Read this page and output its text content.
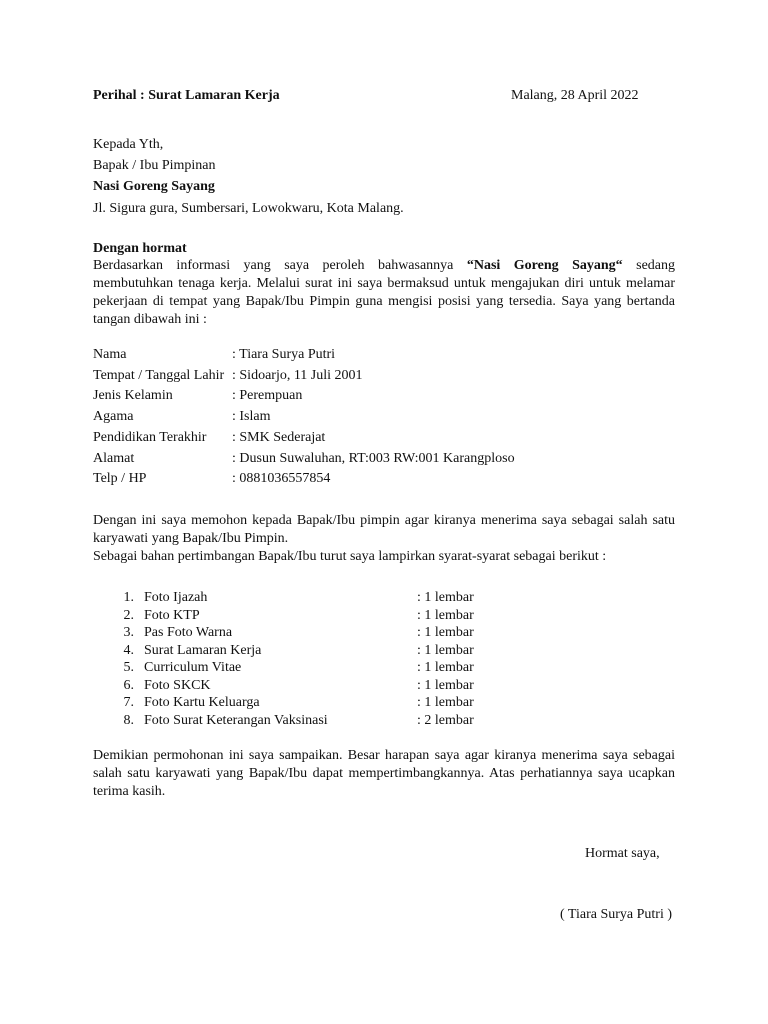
Perihal : Surat Lamaran Kerja	Malang, 28 April 2022
Kepada Yth,
Bapak / Ibu Pimpinan
Nasi Goreng Sayang
Jl. Sigura gura, Sumbersari, Lowokwaru, Kota Malang.
Dengan hormat
Berdasarkan informasi yang saya peroleh bahwasannya “Nasi Goreng Sayang“ sedang
membutuhkan tenaga kerja. Melalui surat ini saya bermaksud untuk mengajukan diri untuk melamar
pekerjaan di tempat yang Bapak/Ibu Pimpin guna mengisi posisi yang tersedia. Saya yang bertanda
tangan dibawah ini :
Nama	: Tiara Surya Putri
Tempat / Tanggal Lahir : Sidoarjo, 11 Juli 2001
Jenis Kelamin	: Perempuan
Agama	: Islam
Pendidikan Terakhir : SMK Sederajat
Alamat	: Dusun Suwaluhan, RT:003 RW:001 Karangploso
Telp / HP	: 0881036557854
Dengan ini saya memohon kepada Bapak/Ibu pimpin agar kiranya menerima saya sebagai salah satu
karyawati yang Bapak/Ibu Pimpin.
Sebagai bahan pertimbangan Bapak/Ibu turut saya lampirkan syarat-syarat sebagai berikut :
1. Foto Ijazah	: 1 lembar
2. Foto KTP	: 1 lembar
3. Pas Foto Warna	: 1 lembar
4. Surat Lamaran Kerja	: 1 lembar
5. Curriculum Vitae	: 1 lembar
6. Foto SKCK	: 1 lembar
7. Foto Kartu Keluarga	: 1 lembar
8. Foto Surat Keterangan Vaksinasi	: 2 lembar
Demikian permohonan ini saya sampaikan. Besar harapan saya agar kiranya menerima saya sebagai
salah satu karyawati yang Bapak/Ibu dapat mempertimbangkannya. Atas perhatiannya saya ucapkan
terima kasih.
Hormat saya,
( Tiara Surya Putri )
